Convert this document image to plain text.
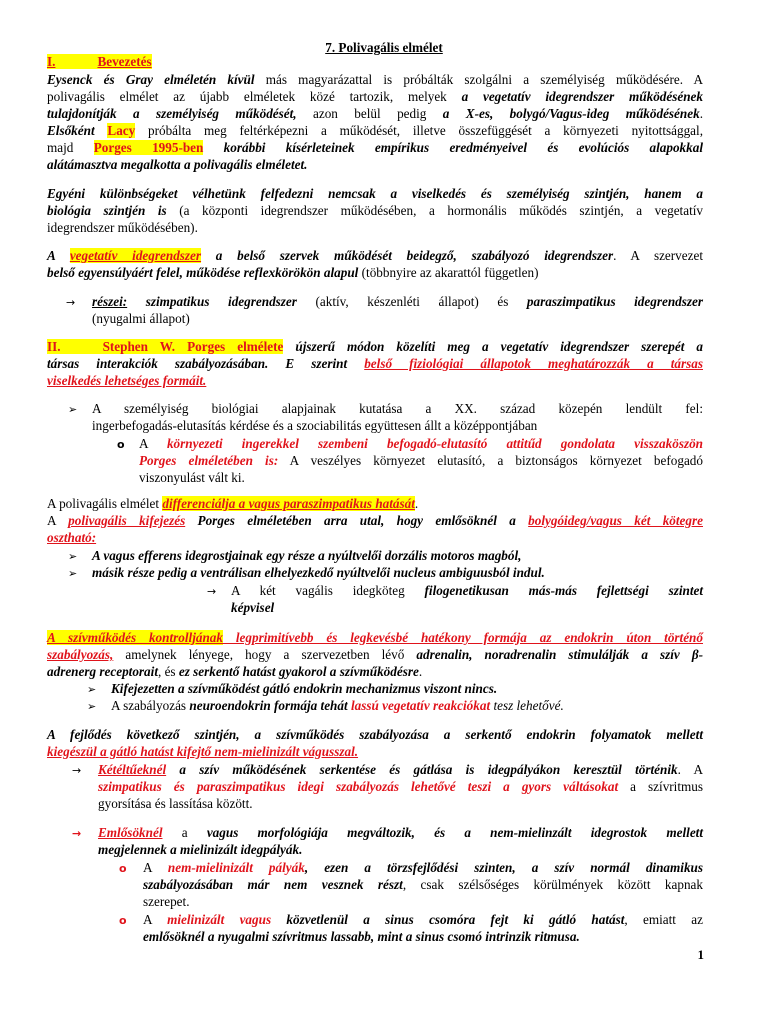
7. Polivagális elmélet
I.	Bevezetés
Eysenck és Gray elméletén kívül más magyarázattal is próbálták szolgálni a személyiség működésére. A
polivagális elmélet az újabb elméletek közé tartozik, melyek a vegetatív idegrendszer működésének
tulajdonítják a személyiség működését, azon belül pedig a X-es, bolygó/Vagus-ideg működésének.
Elsőként Lacy próbálta meg feltérképezni a működését, illetve összefüggését a környezeti nyitottsággal,
majd Porges 1995-ben korábbi kísérleteinek empírikus eredményeivel és evolúciós alapokkal
alátámasztva megalkotta a polivagális elméletet.
Egyéni különbségeket vélhetünk felfedezni nemcsak a viselkedés és személyiség szintjén, hanem a
biológia szintjén is (a központi idegrendszer működésében, a hormonális működés szintjén, a vegetatív
idegrendszer működésében).
A vegetatív idegrendszer a belső szervek működését beidegző, szabályozó idegrendszer. A szervezet
belső egyensúlyáért felel, működése reflexkörökön alapul (többnyire az akarattól független)
→	részei: szimpatikus idegrendszer (aktív, készenléti állapot) és paraszimpatikus idegrendszer
(nyugalmi állapot)
II.	Stephen W. Porges elmélete újszerű módon közelíti meg a vegetatív idegrendszer szerepét a
társas interakciók szabályozásában. E szerint belső fiziológiai állapotok meghatározzák a társas
viselkedés lehetséges formáit.
➢	A személyiség biológiai alapjainak kutatása a XX. század közepén lendült fel:
ingerbefogadás-elutasítás kérdése és a szociabilitás együttesen állt a középpontjában
o	A környezeti ingerekkel szembeni befogadó-elutasító attitűd gondolata visszaköszön
Porges elméletében is: A veszélyes környezet elutasító, a biztonságos környezet befogadó
viszonyulást vált ki.
A polivagális elmélet differenciálja a vagus paraszimpatikus hatását.
A polivagális kifejezés Porges elméletében arra utal, hogy emlősöknél a bolygóideg/vagus két kötegre
osztható:
➢	A vagus efferens idegrostjainak egy része a nyúltvelői dorzális motoros magból,
➢	másik része pedig a ventrálisan elhelyezkedő nyúltvelői nucleus ambiguusból indul.
→	A két vagális idegköteg filogenetikusan más-más fejlettségi szintet
képvisel
A szívműködés kontrolljának legprimitívebb és legkevésbé hatékony formája az endokrin úton történő
szabályozás, amelynek lényege, hogy a szervezetben lévő adrenalin, noradrenalin stimulálják a szív β-
adrenerg receptorait, és ez serkentő hatást gyakorol a szívműködésre.
➢	Kifejezetten a szívműködést gátló endokrin mechanizmus viszont nincs.
➢	A szabályozás neuroendokrin formája tehát lassú vegetatív reakciókat tesz lehetővé.
A fejlődés következő szintjén, a szívműködés szabályozása a serkentő endokrin folyamatok mellett
kiegészül a gátló hatást kifejtő nem-mielinizált vágusszal.
→	Kétéltűeknél a szív működésének serkentése és gátlása is idegpályákon keresztül történik. A
szimpatikus és paraszimpatikus idegi szabályozás lehetővé teszi a gyors váltásokat a szívritmus
gyorsítása és lassítása között.
→	Emlősöknél a vagus morfológiája megváltozik, és a nem-mielinzált idegrostok mellett
megjelennek a mielinizált idegpályák.
o	A nem-mielinizált pályák, ezen a törzsfejlődési szinten, a szív normál dinamikus
szabályozásában már nem vesznek részt, csak szélsőséges körülmények között kapnak
szerepet.
o	A mielinizált vagus közvetlenül a sinus csomóra fejt ki gátló hatást, emiatt az
emlősöknél a nyugalmi szívritmus lassabb, mint a sinus csomó intrinzik ritmusa.
1
